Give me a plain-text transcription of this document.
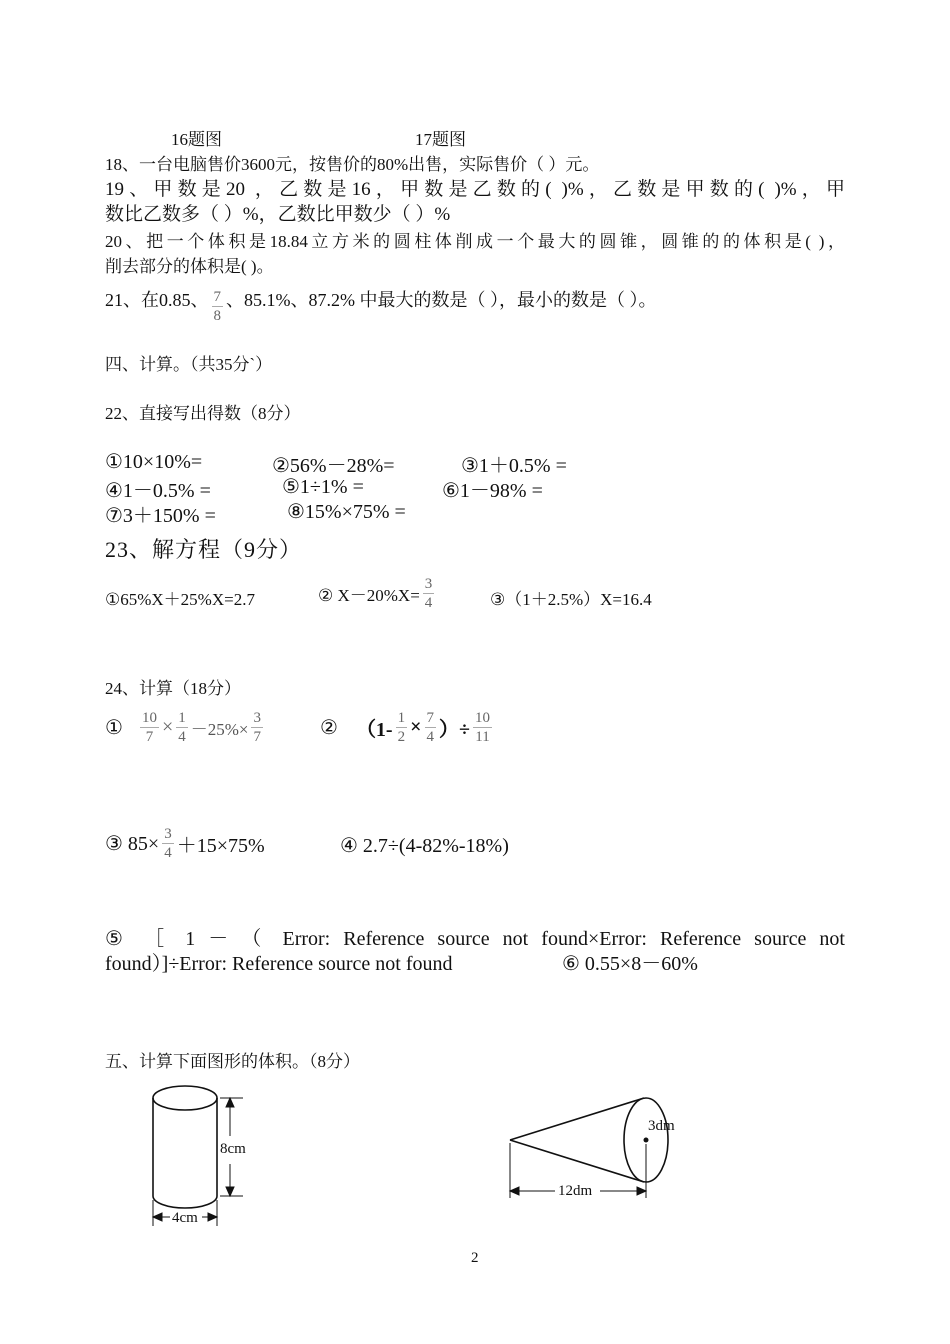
16题图	17题图
18、一台电脑售价3600元，按售价的80%出售，实际售价（ ）元。
19、甲数是20 ，乙数是16，甲数是乙数的( )%，乙数是甲数的( )%，甲
数比乙数多（ ）%，乙数比甲数少（ ）%
20、把一个体积是18.84立方米的圆柱体削成一个最大的圆锥，圆锥的的体积是( )，
削去部分的体积是( )。
21、在0.85、 $\frac{7}{8}$ 、85.1%、87.2% 中最大的数是（ ），最小的数是（ ）。
四、计算。（共35分`）
22、直接写出得数（8分）
①10×10%=	②56%－28%=	③1＋0.5% =
④1－0.5% =	⑤1÷1% =	⑥1－98% =
⑦3＋150% =	⑧15%×75% =
23、解方程（9分）
①65%X＋25%X=2.7	② $X-20\%X= \frac{3}{4}$	③（1＋2.5%）X=16.4
24、计算（18分）
① $\frac{10}{7} \times \frac{1}{4} -25\%\times \frac{3}{7}$	② （$1- \frac{1}{2} \times \frac{7}{4}$ ）÷ $\frac{10}{11}$
③ $85\times \frac{3}{4} +15\times 75\%$	④ 2.7÷(4-82%-18%)
⑤ ［ 1 － （ Error: Reference source not found×Error: Reference source not
found）]÷Error: Reference source not found	⑥ 0.55×8－60%
五、计算下面图形的体积。（8分）
8cm
4cm
3dm
12dm
2
